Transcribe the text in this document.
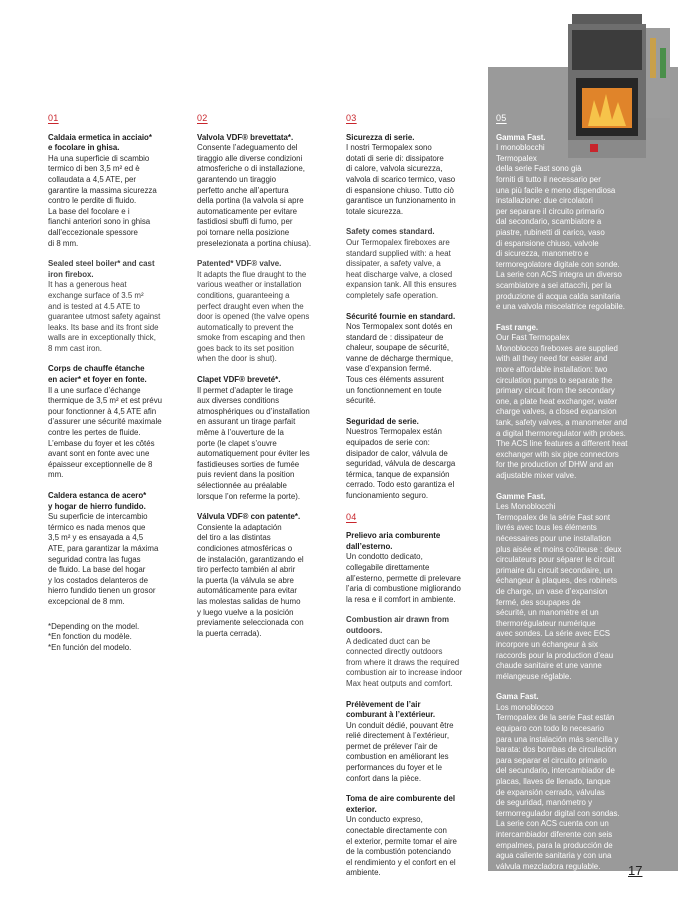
01
Caldaia ermetica in acciaio*
e focolare in ghisa.
Ha una superficie di scambio
termico di ben 3,5 m² ed è
collaudata a 4,5 ATE, per
garantire la massima sicurezza
contro le perdite di fluido.
La base del focolare e i
fianchi anteriori sono in ghisa
dall’eccezionale spessore
di 8 mm.
Sealed steel boiler* and cast
iron firebox.
It has a generous heat
exchange surface of 3.5 m²
and is tested at 4.5 ATE to
guarantee utmost safety against
leaks. Its base and its front side
walls are in exceptionally thick,
8 mm cast iron.
Corps de chauffe étanche
en acier* et foyer en fonte.
Il a une surface d’échange
thermique de 3,5 m² et est prévu
pour fonctionner à 4,5 ATE afin
d’assurer une sécurité maximale
contre les pertes de fluide.
L’embase du foyer et les côtés
avant sont en fonte avec une
épaisseur exceptionnelle de 8
mm.
Caldera estanca de acero*
y hogar de hierro fundido.
Su superficie de intercambio
térmico es nada menos que
3,5 m² y es ensayada a 4,5
ATE, para garantizar la máxima
seguridad contra las fugas
de fluido. La base del hogar
y los costados delanteros de
hierro fundido tienen un grosor
excepcional de 8 mm.
*Depending on the model.
*En fonction du modèle.
*En función del modelo.
02
Valvola VDF® brevettata*.
Consente l’adeguamento del
tiraggio alle diverse condizioni
atmosferiche o di installazione,
garantendo un tiraggio
perfetto anche all’apertura
della portina (la valvola si apre
automaticamente per evitare
fastidiosi sbuffi di fumo, per
poi tornare nella posizione
preselezionata a portina chiusa).
Patented* VDF® valve.
It adapts the flue draught to the
various weather or installation
conditions, guaranteeing a
perfect draught even when the
door is opened (the valve opens
automatically to prevent the
smoke from escaping and then
goes back to its set position
when the door is shut).
Clapet VDF® breveté*.
Il permet d’adapter le tirage
aux diverses conditions
atmosphériques ou d’installation
en assurant un tirage parfait
même à l’ouverture de la
porte (le clapet s’ouvre
automatiquement pour éviter les
fastidieuses sorties de fumée
puis revient dans la position
sélectionnée au préalable
lorsque l’on referme la porte).
Válvula VDF® con patente*.
Consiente la adaptación
del tiro a las distintas
condiciones atmosféricas o
de instalación, garantizando el
tiro perfecto también al abrir
la puerta (la válvula se abre
automáticamente para evitar
las molestas salidas de humo
y luego vuelve a la posición
previamente seleccionada con
la puerta cerrada).
03
Sicurezza di serie.
I nostri Termopalex sono
dotati di serie di: dissipatore
di calore, valvola sicurezza,
valvola di scarico termico, vaso
di espansione chiuso. Tutto ciò
garantisce un funzionamento in
totale sicurezza.
Safety comes standard.
Our Termopalex fireboxes are
standard supplied with: a heat
dissipater, a safety valve, a
heat discharge valve, a closed
expansion tank. All this ensures
completely safe operation.
Sécurité fournie en standard.
Nos Termopalex sont dotés en
standard de : dissipateur de
chaleur, soupape de sécurité,
vanne de décharge thermique,
vase d’expansion fermé.
Tous ces éléments assurent
un fonctionnement en toute
sécurité.
Seguridad de serie.
Nuestros Termopalex están
equipados de serie con:
disipador de calor, válvula de
seguridad, válvula de descarga
térmica, tanque de expansión
cerrado. Todo esto garantiza el
funcionamiento seguro.
04
Prelievo aria comburente
dall’esterno.
Un condotto dedicato,
collegabile direttamente
all’esterno, permette di prelevare
l’aria di combustione migliorando
la resa e il comfort in ambiente.
Combustion air drawn from
outdoors.
A dedicated duct can be
connected directly outdoors
from where it draws the required
combustion air to increase indoor
Max heat outputs and comfort.
Prélèvement de l’air
comburant à l’extérieur.
Un conduit dédié, pouvant être
relié directement à l’extérieur,
permet de prélever l’air de
combustion en améliorant les
performances du foyer et le
confort dans la pièce.
Toma de aire comburente del
exterior.
Un conducto expreso,
conectable directamente con
el exterior, permite tomar el aire
de la combustión potenciando
el rendimiento y el confort en el
ambiente.
05
Gamma Fast.
I monoblocchi
Termopalex
della serie Fast sono già
forniti di tutto il necessario per
una più facile e meno dispendiosa
installazione: due circolatori
per separare il circuito primario
dal secondario, scambiatore a
piastre, rubinetti di carico, vaso
di espansione chiuso, valvole
di sicurezza, manometro e
termoregolatore digitale con sonde.
La serie con ACS integra un diverso
scambiatore a sei attacchi, per la
produzione di acqua calda sanitaria
e una valvola miscelatrice regolabile.
Fast range.
Our Fast Termopalex
Monoblocco fireboxes are supplied
with all they need for easier and
more affordable installation: two
circulation pumps to separate the
primary circuit from the secondary
one, a plate heat exchanger, water
charge valves, a closed expansion
tank, safety valves, a manometer and
a digital thermoregulator with probes.
The ACS line features a different heat
exchanger with six pipe connectors
for the production of DHW and an
adjustable mixer valve.
Gamme Fast.
Les Monoblocchi
Termopalex de la série Fast sont
livrés avec tous les éléments
nécessaires pour une installation
plus aisée et moins coûteuse : deux
circulateurs pour séparer le circuit
primaire du circuit secondaire, un
échangeur à plaques, des robinets
de charge, un vase d’expansion
fermé, des soupapes de
sécurité, un manomètre et un
thermorégulateur numérique
avec sondes. La série avec ECS
incorpore un échangeur à six
raccords pour la production d’eau
chaude sanitaire et une vanne
mélangeuse réglable.
Gama Fast.
Los monobloccо
Termopalex de la serie Fast están
equipaго con todo lo necesario
para una instalación más sencilla y
barata: dos bombas de circulación
para separar el circuito primario
del secundario, intercambiador de
placas, llaves de llenado, tanque
de expansión cerrado, válvulas
de seguridad, manómetro y
termorregulador digital con sondas.
La serie con ACS cuenta con un
intercambiador diferente con seis
empalmes, para la producción de
agua caliente sanitaria y con una
válvula mezcladora regulable.	17
